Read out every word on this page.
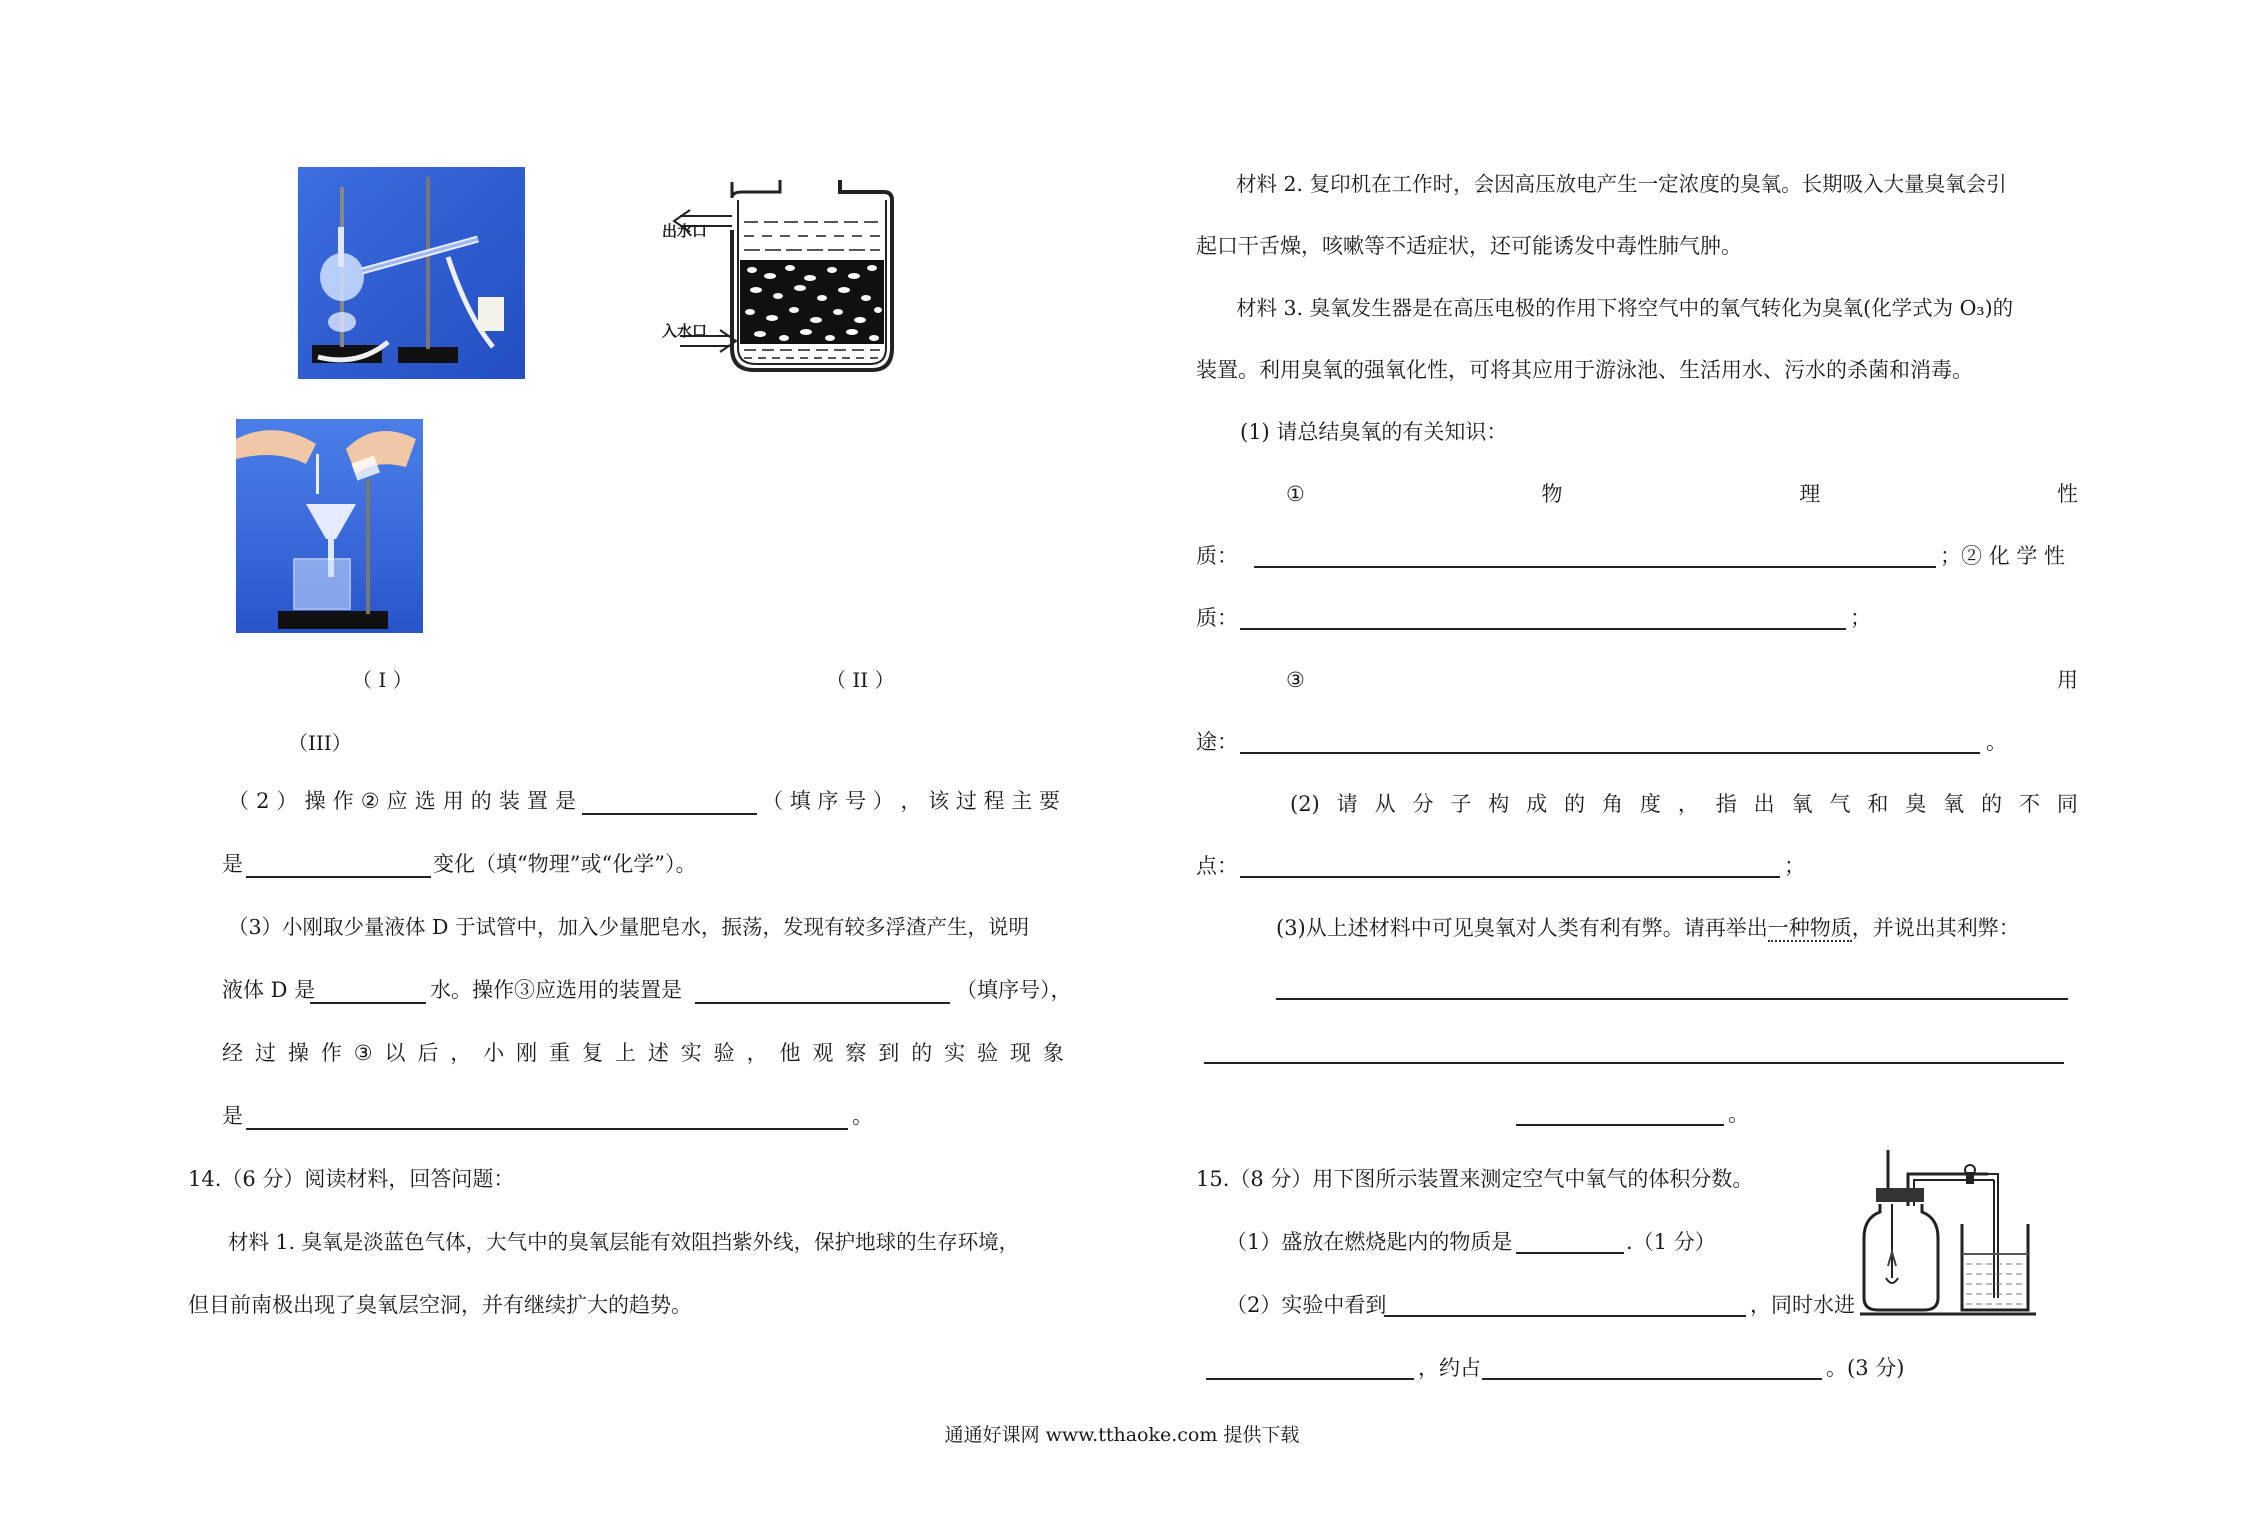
出水口
入水口
（ I ）	（ II ）
（III）
（ 2 ） 操 作 ② 应 选 用 的 装 置 是	（ 填 序 号 ） ， 该 过 程 主 要
是	变化（填“物理”或“化学”）。
（3）小刚取少量液体 D 于试管中，加入少量肥皂水，振荡，发现有较多浮渣产生，说明
液体 D 是	水。操作③应选用的装置是	（填序号），
经 过 操 作 ③ 以 后 ， 小 刚 重 复 上 述 实 验 ， 他 观 察 到 的 实 验 现 象
是	。
14.（6 分）阅读材料，回答问题：
材料 1. 臭氧是淡蓝色气体，大气中的臭氧层能有效阻挡紫外线，保护地球的生存环境，
但目前南极出现了臭氧层空洞，并有继续扩大的趋势。
材料 2. 复印机在工作时，会因高压放电产生一定浓度的臭氧。长期吸入大量臭氧会引
起口干舌燥，咳嗽等不适症状，还可能诱发中毒性肺气肿。
材料 3. 臭氧发生器是在高压电极的作用下将空气中的氧气转化为臭氧(化学式为 O₃)的
装置。利用臭氧的强氧化性，可将其应用于游泳池、生活用水、污水的杀菌和消毒。
(1) 请总结臭氧的有关知识：
①	物	理	性
质：	；② 化 学 性
质：	；
③	用
途：	。
(2) 请 从 分 子 构 成 的 角 度 ， 指 出 氧 气 和 臭 氧 的 不 同
点：	；
(3)从上述材料中可见臭氧对人类有利有弊。请再举出一种物质，并说出其利弊：
。
15.（8 分）用下图所示装置来测定空气中氧气的体积分数。
（1）盛放在燃烧匙内的物质是	.（1 分）
（2）实验中看到	，同时水进
，约占	。(3 分)
通通好课网 www.tthaoke.com 提供下载
